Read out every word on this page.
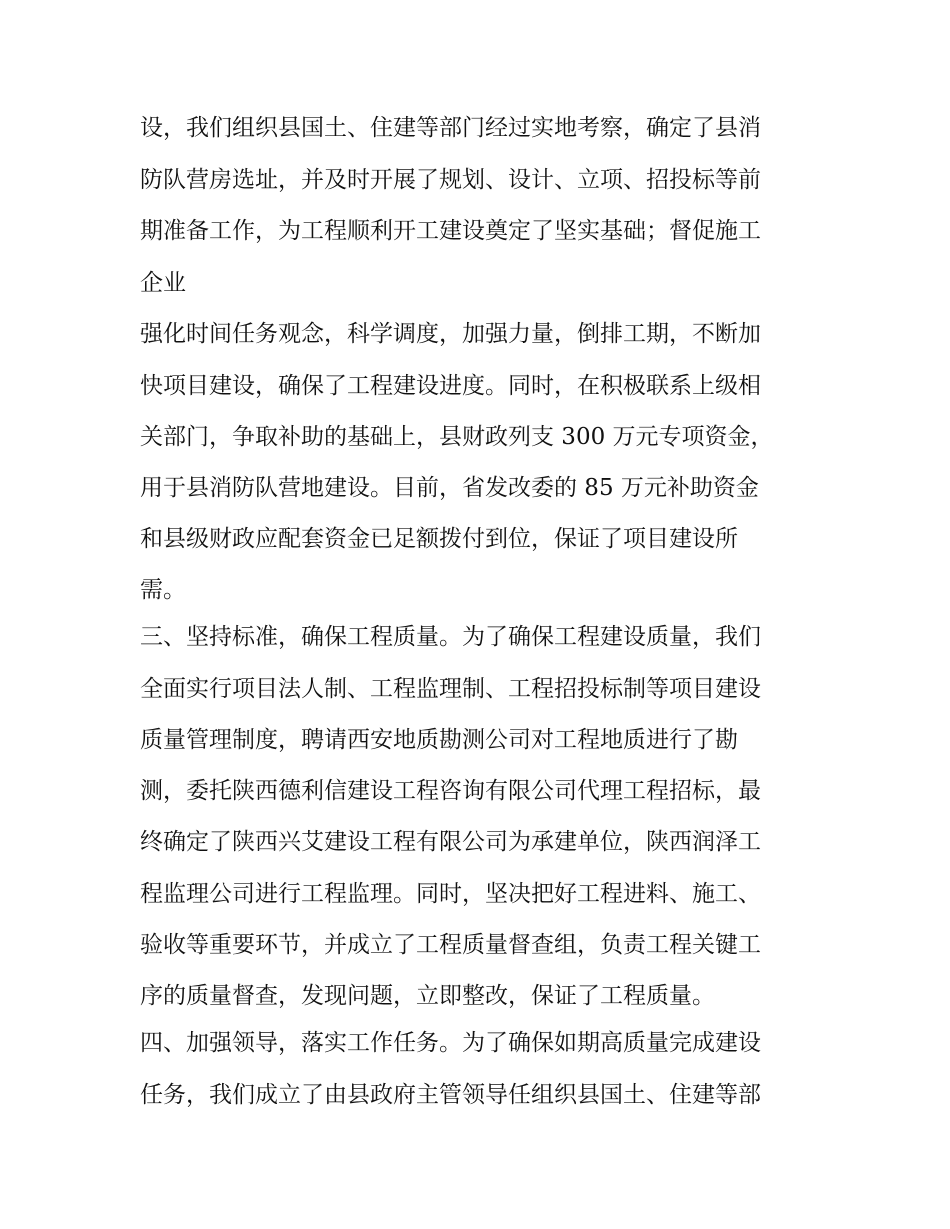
设，我们组织县国土、住建等部门经过实地考察，确定了县消

防队营房选址，并及时开展了规划、设计、立项、招投标等前

期准备工作，为工程顺利开工建设奠定了坚实基础；督促施工

企业

强化时间任务观念，科学调度，加强力量，倒排工期，不断加

快项目建设，确保了工程建设进度。同时，在积极联系上级相

关部门，争取补助的基础上，县财政列支 300 万元专项资金，

用于县消防队营地建设。目前，省发改委的 85 万元补助资金

和县级财政应配套资金已足额拨付到位，保证了项目建设所

需。

三、坚持标准，确保工程质量。为了确保工程建设质量，我们

全面实行项目法人制、工程监理制、工程招投标制等项目建设

质量管理制度，聘请西安地质勘测公司对工程地质进行了勘

测，委托陕西德利信建设工程咨询有限公司代理工程招标，最

终确定了陕西兴艾建设工程有限公司为承建单位，陕西润泽工

程监理公司进行工程监理。同时，坚决把好工程进料、施工、

验收等重要环节，并成立了工程质量督查组，负责工程关键工

序的质量督查，发现问题，立即整改，保证了工程质量。

四、加强领导，落实工作任务。为了确保如期高质量完成建设

任务，我们成立了由县政府主管领导任组织县国土、住建等部
